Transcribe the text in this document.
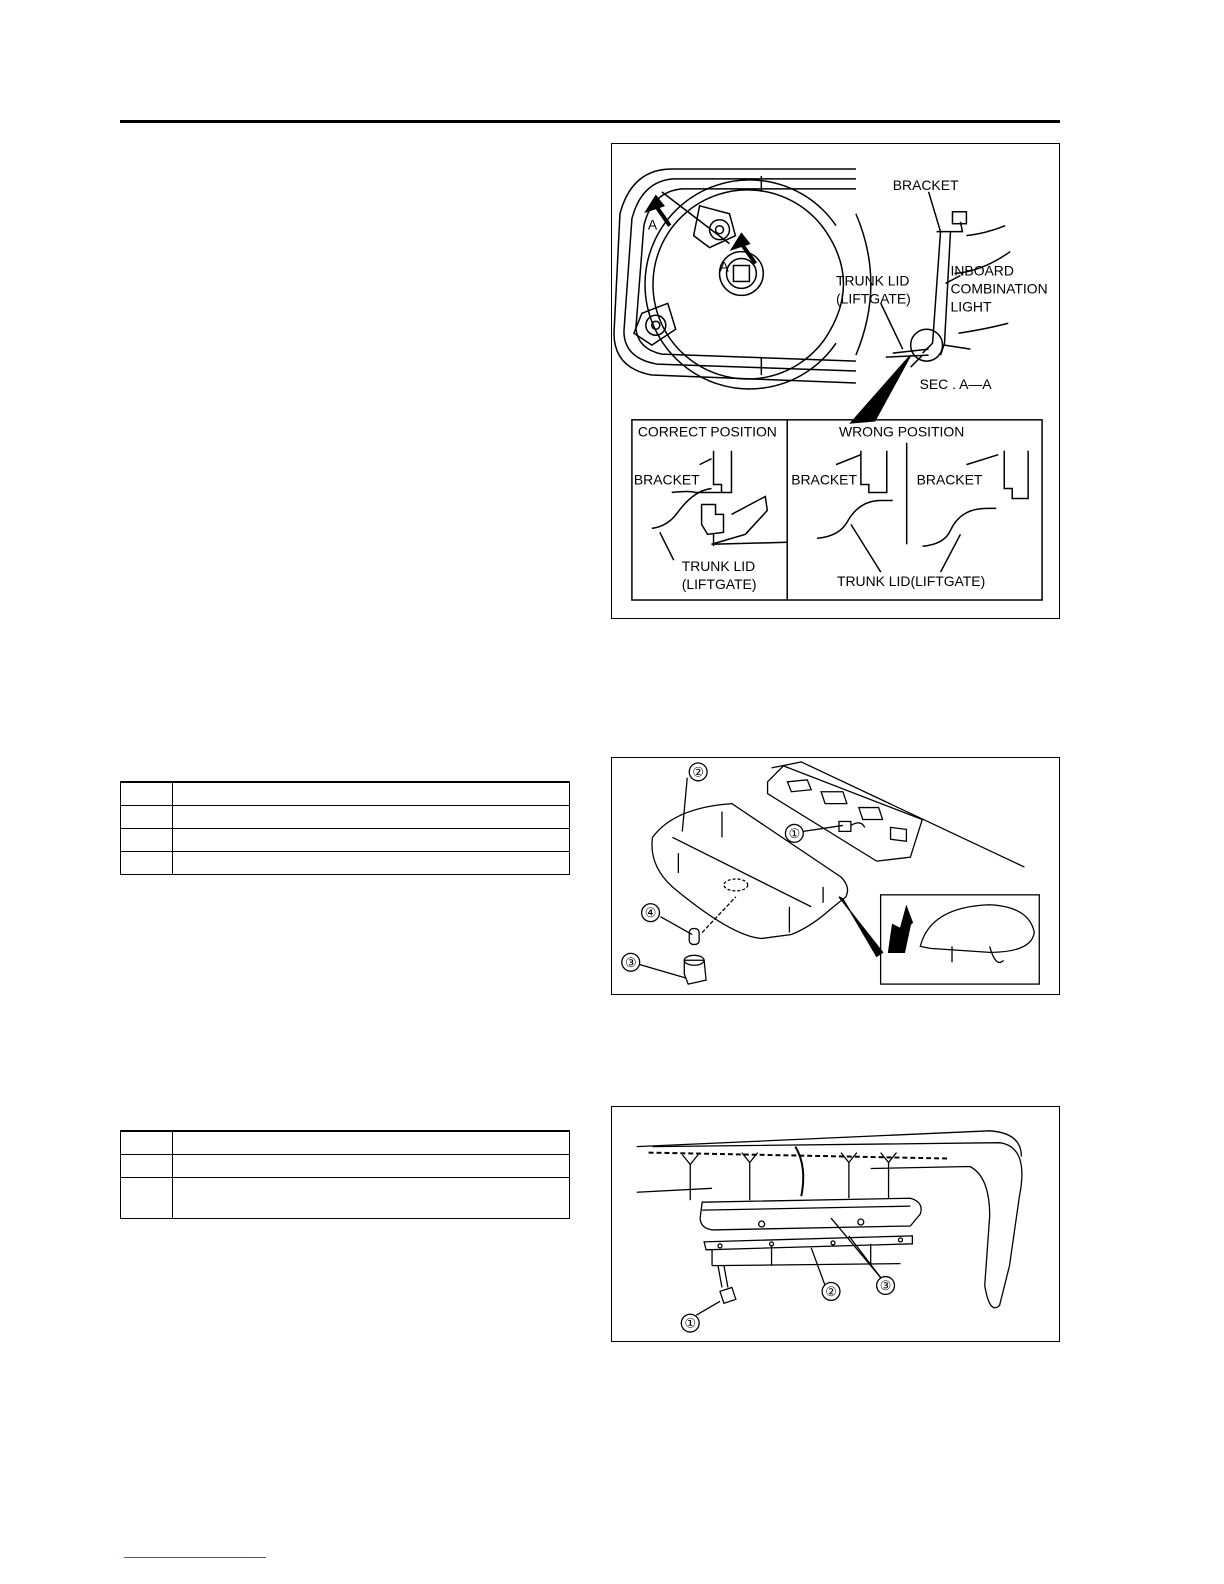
BRACKET
INBOARD
COMBINATION
LIGHT
TRUNK LID
(LIFTGATE)
SEC . A—A
A
A
CORRECT POSITION	WRONG POSITION
BRACKET	BRACKET	BRACKET
TRUNK LID
(LIFTGATE)	TRUNK LID(LIFTGATE)

②
①
④
③

①
②	③
